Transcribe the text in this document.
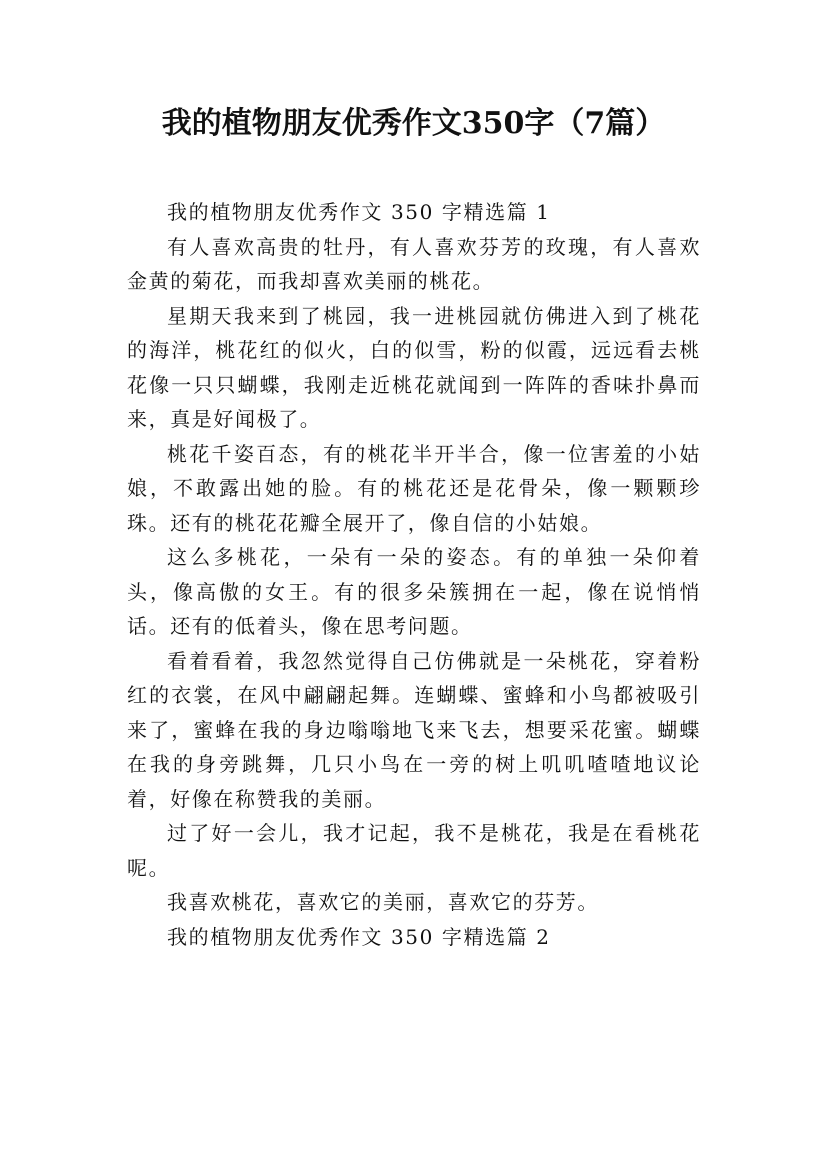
我的植物朋友优秀作文350字（7篇）

我的植物朋友优秀作文 350 字精选篇 1

有人喜欢高贵的牡丹，有人喜欢芬芳的玫瑰，有人喜欢金黄的菊花，而我却喜欢美丽的桃花。

星期天我来到了桃园，我一进桃园就仿佛进入到了桃花的海洋，桃花红的似火，白的似雪，粉的似霞，远远看去桃花像一只只蝴蝶，我刚走近桃花就闻到一阵阵的香味扑鼻而来，真是好闻极了。

桃花千姿百态，有的桃花半开半合，像一位害羞的小姑娘，不敢露出她的脸。有的桃花还是花骨朵，像一颗颗珍珠。还有的桃花花瓣全展开了，像自信的小姑娘。

这么多桃花，一朵有一朵的姿态。有的单独一朵仰着头，像高傲的女王。有的很多朵簇拥在一起，像在说悄悄话。还有的低着头，像在思考问题。

看着看着，我忽然觉得自己仿佛就是一朵桃花，穿着粉红的衣裳，在风中翩翩起舞。连蝴蝶、蜜蜂和小鸟都被吸引来了，蜜蜂在我的身边嗡嗡地飞来飞去，想要采花蜜。蝴蝶在我的身旁跳舞，几只小鸟在一旁的树上叽叽喳喳地议论着，好像在称赞我的美丽。

过了好一会儿，我才记起，我不是桃花，我是在看桃花呢。

我喜欢桃花，喜欢它的美丽，喜欢它的芬芳。

我的植物朋友优秀作文 350 字精选篇 2
